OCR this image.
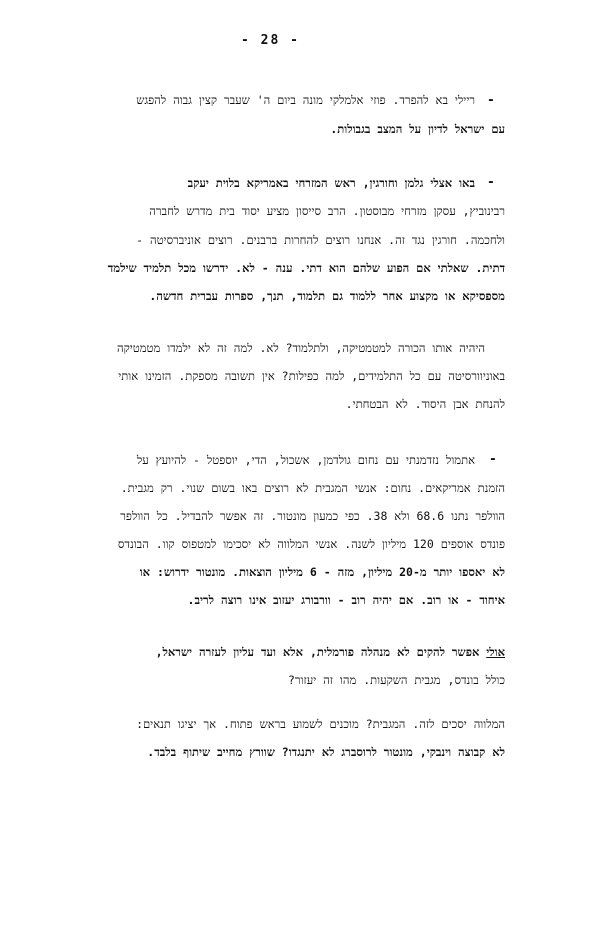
- 28 -
-
ריילי בא להפרד. פוזי אלמלקי מונה ביום ה' שעבר קצין גבוה להפגש
עם ישראל לדיון על המצב בגבולות.
-
באו אצלי גלמן וחורגין, ראש המזרחי באמריקא בלוית יעקב
רבינוביץ, עסקן מזרחי מבוסטון. הרב סייסון מציע יסוד בית מדרש לחברה
ולחכמה. חורגין נגד זה. אנחנו רוצים להחרות ברבנים. רוצים אוניברסיטה -
דתית. שאלתי אם הפוע שלהם הוא דתי. ענה - לא. ידרשו מכל תלמיד שילמד
מספסיקא או מקצוע אחר ללמוד גם תלמוד, תנך, ספרות עברית חדשה.
היהיה אותו הכורה למטמטיקה, ולתלמוד? לא. למה זה לא ילמדו מטמטיקה
באוניוורסיטה עם כל התלמידים, למה כפילות? אין תשובה מספקת. הזמינו אותי
להנחת אבן היסוד. לא הבטחתי.
-
אתמול נזדמנתי עם נחום גולדמן, אשכול, הדי, יוספטל - להיועץ על
הזמנת אמריקאים. נחום: אנשי המגבית לא רוצים באו בשום שנוי. רק מגבית.
הוולפר נתנו 68.6 ולא 38. כפי כמעון מונטור. זה אפשר להבדיל. כל הוולפר
פונדס אוספים 120 מיליון לשנה. אנשי המלווה לא יסכימו למטפוס קוו. הבונדס
לא יאספו יותר מ-20 מיליון, מזה - 6 מיליון הוצאות. מונטור ידרוש: או
איחוד - או רוב. אם יהיה רוב - וורבורג יעזוב אינו רוצה לריב.
אולי אפשר להקים לא מנהלה פורמלית, אלא ועד עליון לעזרה ישראל,
כולל בונדס, מגבית השקעות. מהו זה יעזור?
המלווה יסכים לזה. המגבית? מוכנים לשמוע בראש פתוח. אך יציגו תנאים:
לא קבוצה וינבקי, מונטור לרוסברג לא יתנגדו? שוורץ מחייב שיתוף בלבד.
